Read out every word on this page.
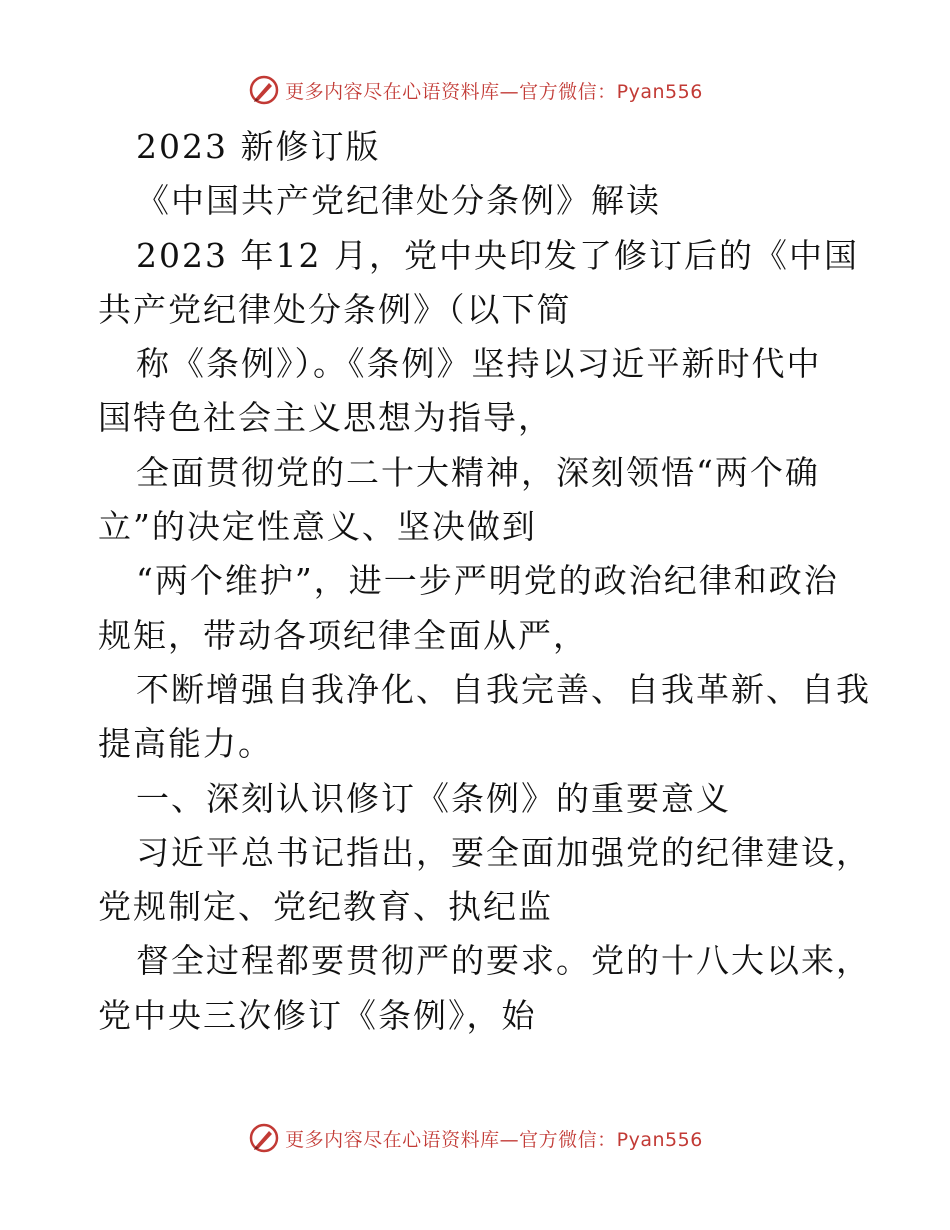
更多内容尽在心语资料库 —官方微信：Pyan556
2023 新修订版
《中国共产党纪律处分条例》解读
2023 年12 月，党中央印发了修订后的《中国
共产党纪律处分条例》（以下简
称《条例》）。《条例》坚持以习近平新时代中
国特色社会主义思想为指导，
全面贯彻党的二十大精神，深刻领悟“两个确
立”的决定性意义、坚决做到
“两个维护”，进一步严明党的政治纪律和政治
规矩，带动各项纪律全面从严，
不断增强自我净化、自我完善、自我革新、自我
提高能力。
一、深刻认识修订《条例》的重要意义
习近平总书记指出，要全面加强党的纪律建设，
党规制定、党纪教育、执纪监
督全过程都要贯彻严的要求。党的十八大以来，
党中央三次修订《条例》，始
更多内容尽在心语资料库 —官方微信：Pyan556
